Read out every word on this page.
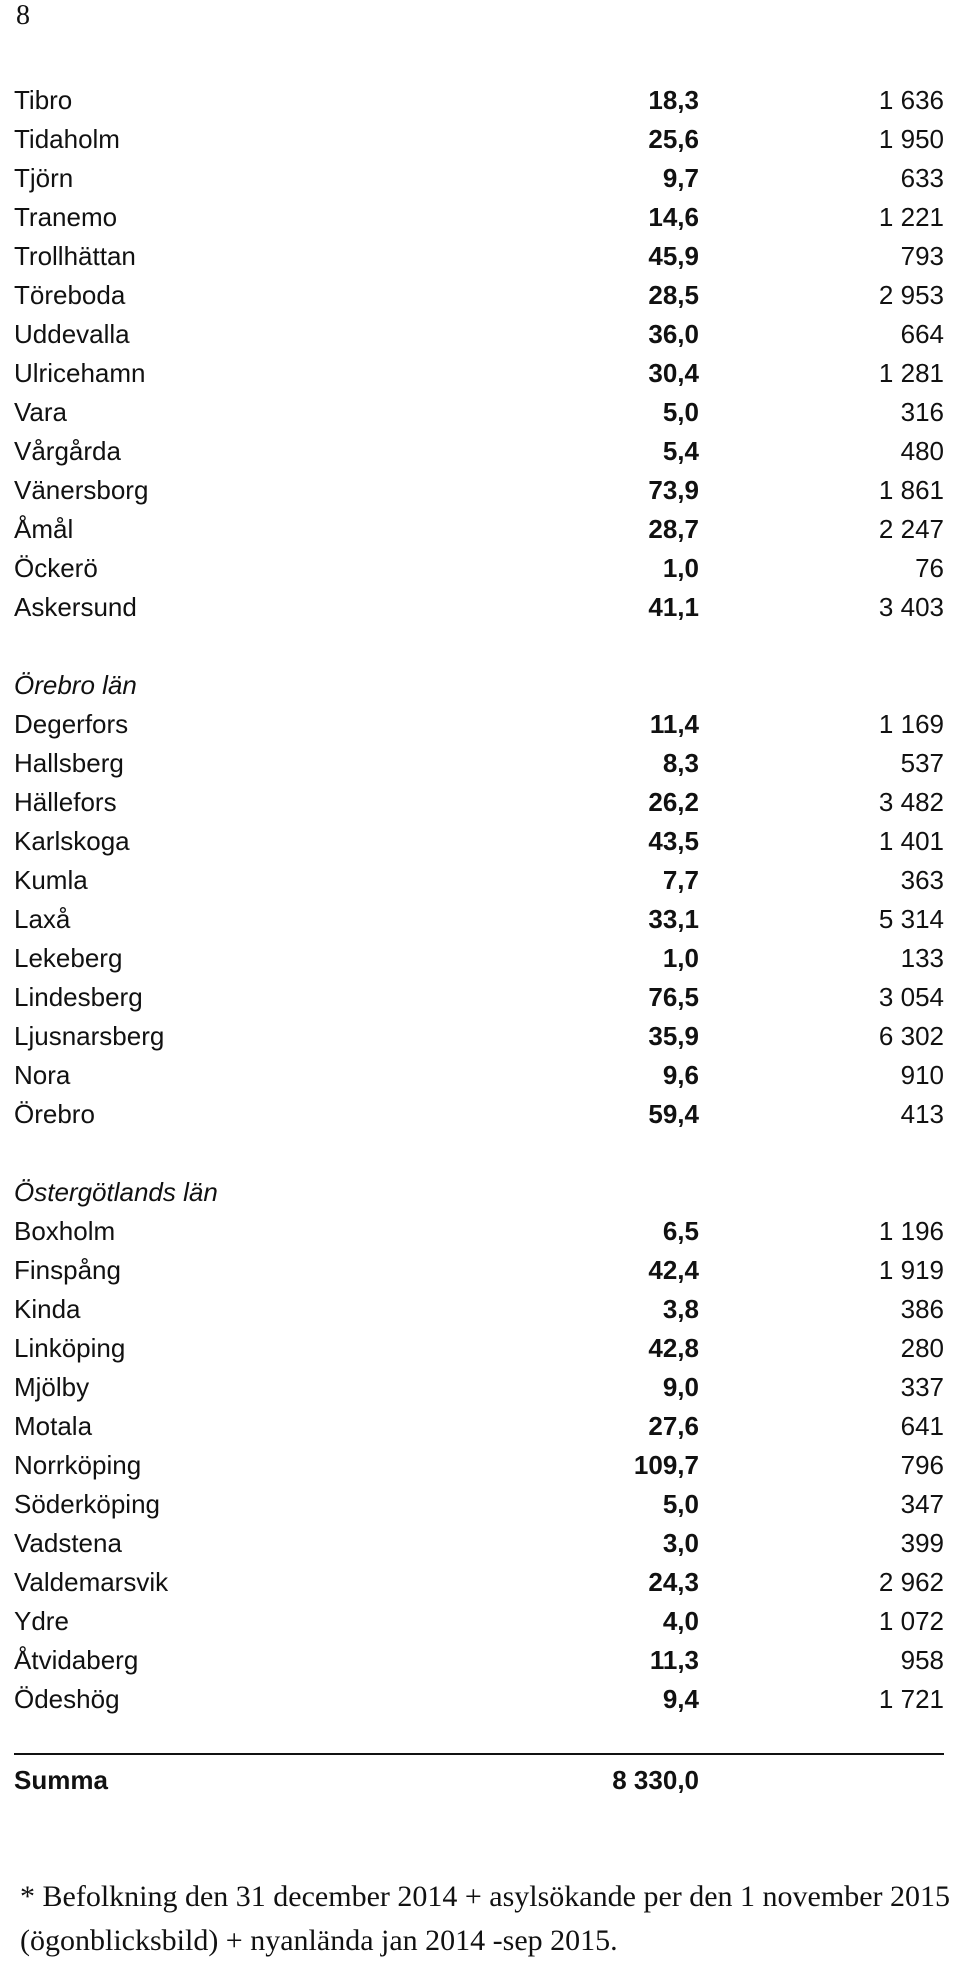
8
Tibro	18,3	1 636
Tidaholm	25,6	1 950
Tjörn	9,7	633
Tranemo	14,6	1 221
Trollhättan	45,9	793
Töreboda	28,5	2 953
Uddevalla	36,0	664
Ulricehamn	30,4	1 281
Vara	5,0	316
Vårgårda	5,4	480
Vänersborg	73,9	1 861
Åmål	28,7	2 247
Öckerö	1,0	76
Askersund	41,1	3 403
Örebro län
Degerfors	11,4	1 169
Hallsberg	8,3	537
Hällefors	26,2	3 482
Karlskoga	43,5	1 401
Kumla	7,7	363
Laxå	33,1	5 314
Lekeberg	1,0	133
Lindesberg	76,5	3 054
Ljusnarsberg	35,9	6 302
Nora	9,6	910
Örebro	59,4	413
Östergötlands län
Boxholm	6,5	1 196
Finspång	42,4	1 919
Kinda	3,8	386
Linköping	42,8	280
Mjölby	9,0	337
Motala	27,6	641
Norrköping	109,7	796
Söderköping	5,0	347
Vadstena	3,0	399
Valdemarsvik	24,3	2 962
Ydre	4,0	1 072
Åtvidaberg	11,3	958
Ödeshög	9,4	1 721
Summa	8 330,0
* Befolkning den 31 december 2014 + asylsökande per den 1 november 2015 (ögonblicksbild) + nyanlända jan 2014 -sep 2015.
